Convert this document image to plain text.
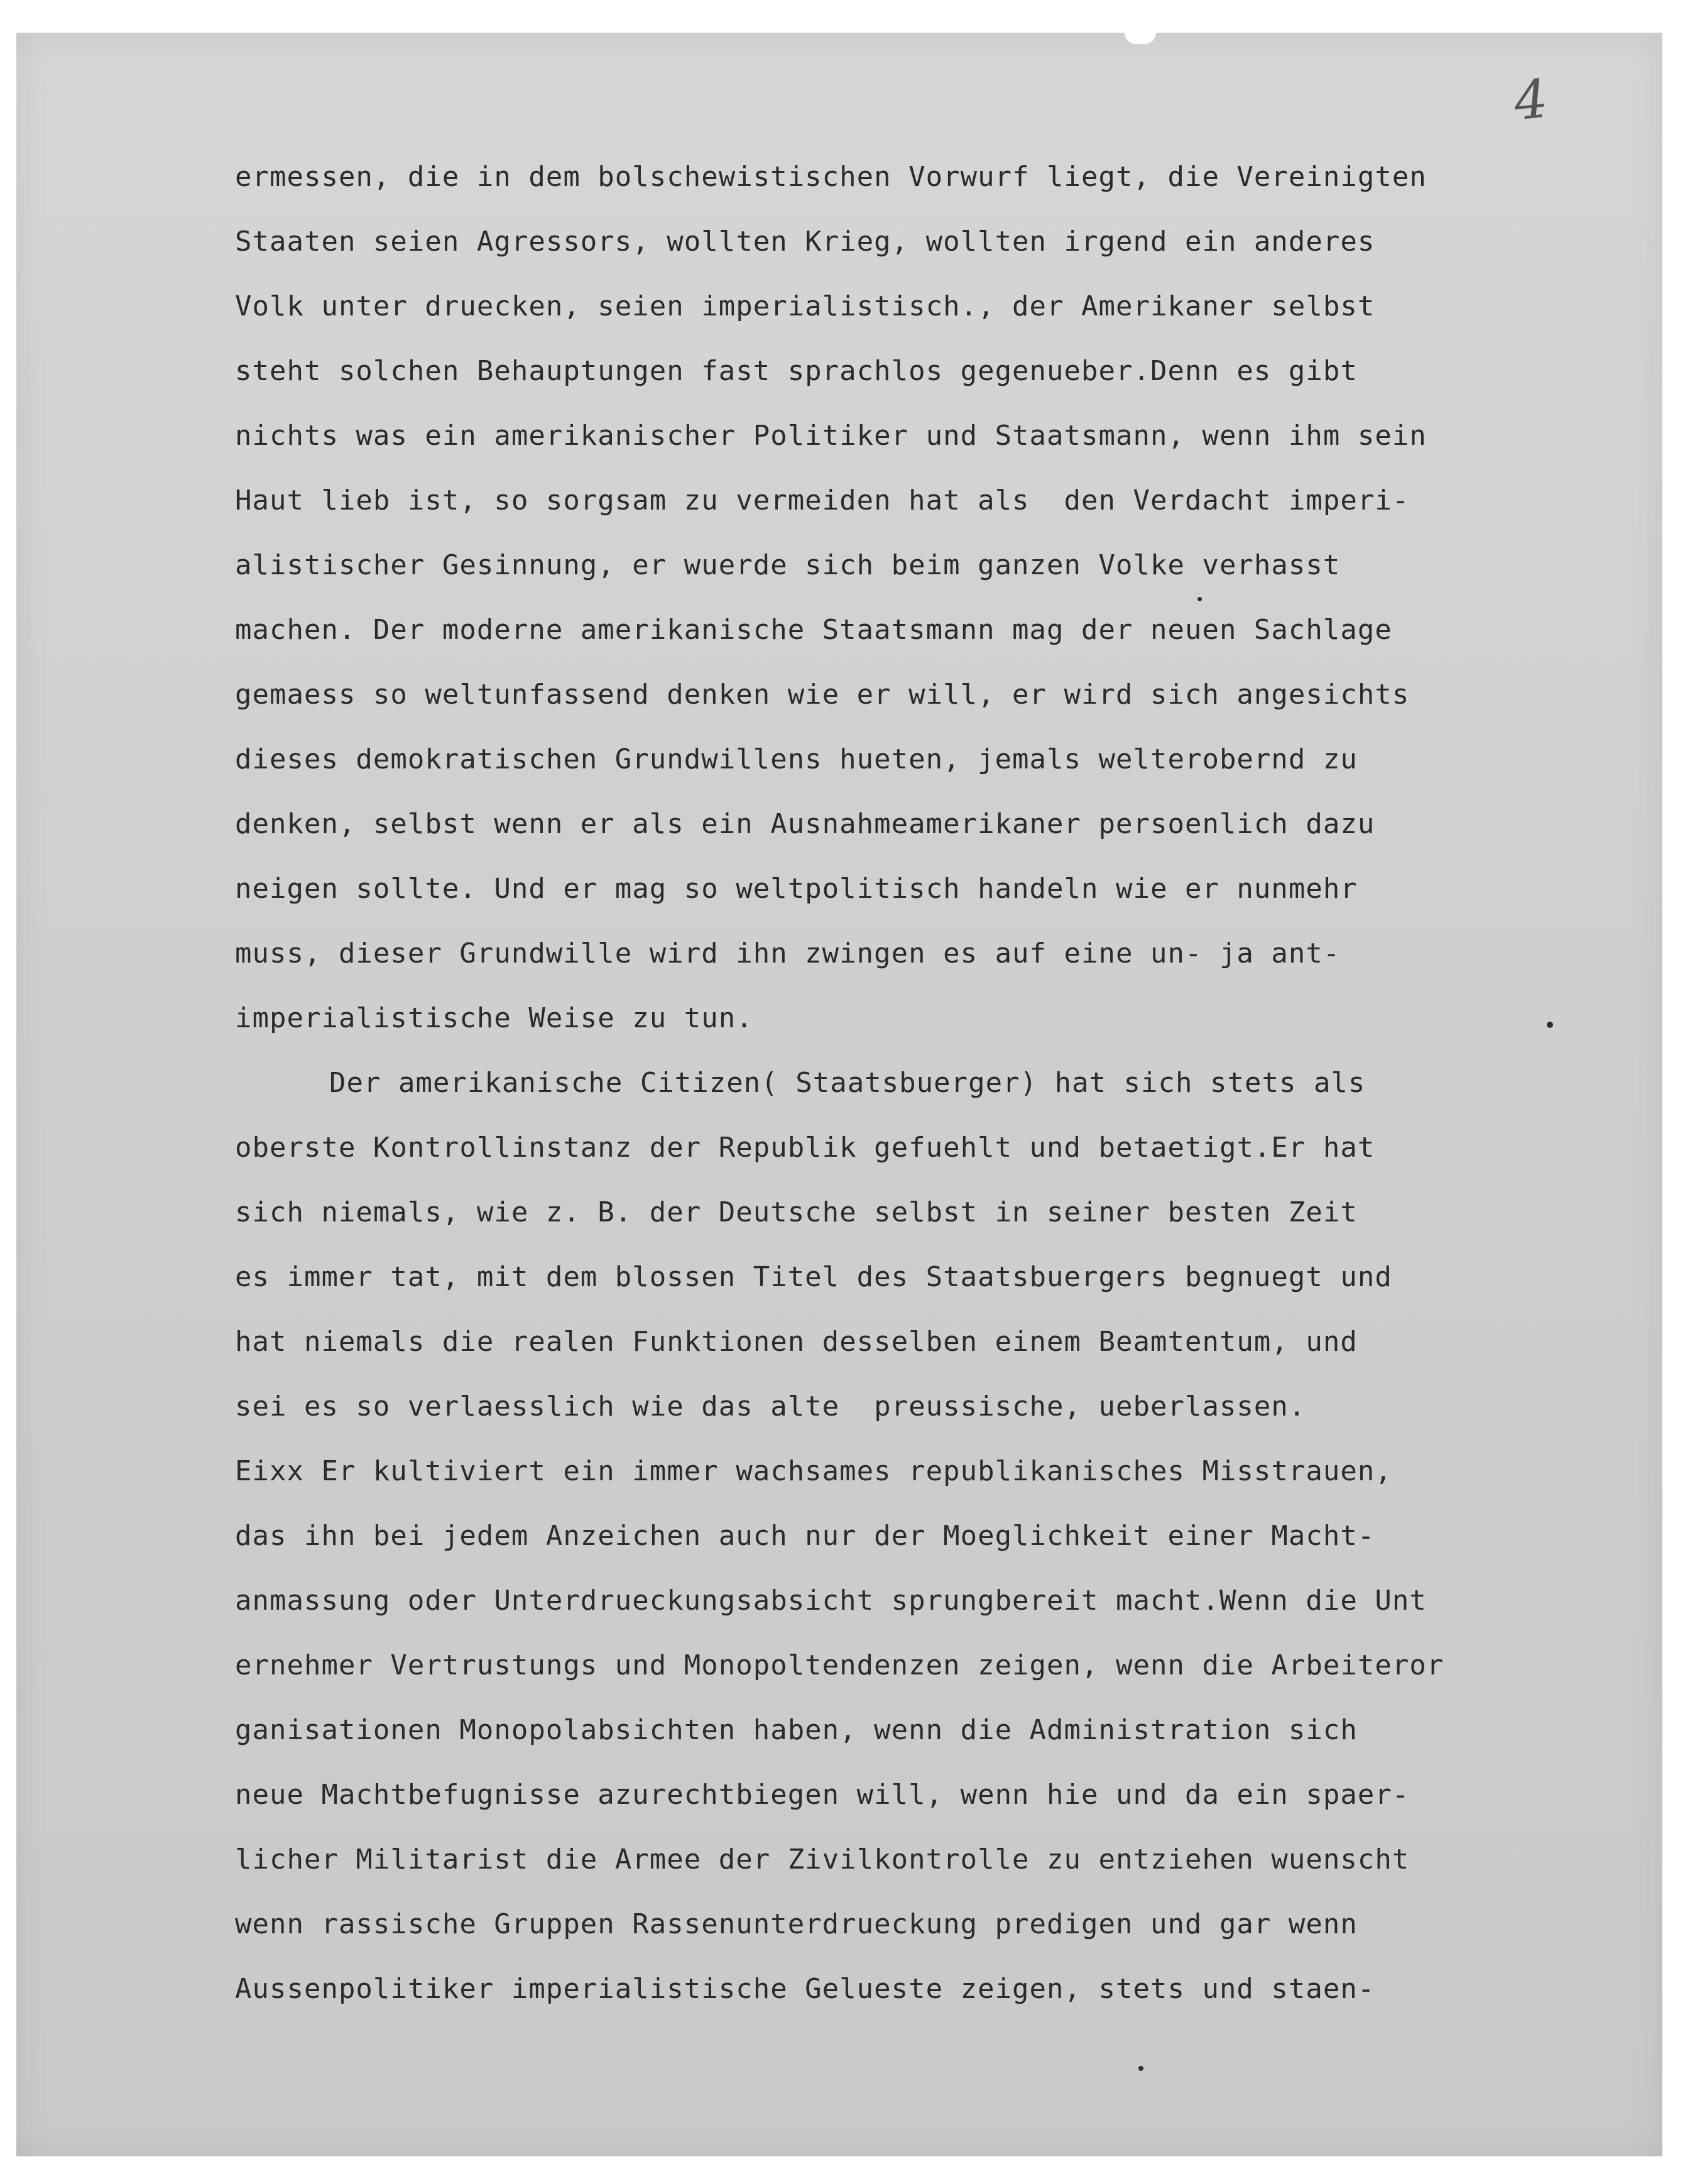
4
ermessen, die in dem bolschewistischen Vorwurf liegt, die Vereinigten
Staaten seien Agressors, wollten Krieg, wollten irgend ein anderes
Volk unter druecken, seien imperialistisch., der Amerikaner selbst
steht solchen Behauptungen fast sprachlos gegenueber.Denn es gibt
nichts was ein amerikanischer Politiker und Staatsmann, wenn ihm sein
Haut lieb ist, so sorgsam zu vermeiden hat als  den Verdacht imperi-
alistischer Gesinnung, er wuerde sich beim ganzen Volke verhasst
machen. Der moderne amerikanische Staatsmann mag der neuen Sachlage
gemaess so weltunfassend denken wie er will, er wird sich angesichts
dieses demokratischen Grundwillens hueten, jemals welterobernd zu
denken, selbst wenn er als ein Ausnahmeamerikaner persoenlich dazu
neigen sollte. Und er mag so weltpolitisch handeln wie er nunmehr
muss, dieser Grundwille wird ihn zwingen es auf eine un- ja ant-
imperialistische Weise zu tun.
Der amerikanische Citizen( Staatsbuerger) hat sich stets als
oberste Kontrollinstanz der Republik gefuehlt und betaetigt.Er hat
sich niemals, wie z. B. der Deutsche selbst in seiner besten Zeit
es immer tat, mit dem blossen Titel des Staatsbuergers begnuegt und
hat niemals die realen Funktionen desselben einem Beamtentum, und
sei es so verlaesslich wie das alte  preussische, ueberlassen.
Eixx Er kultiviert ein immer wachsames republikanisches Misstrauen,
das ihn bei jedem Anzeichen auch nur der Moeglichkeit einer Macht-
anmassung oder Unterdrueckungsabsicht sprungbereit macht.Wenn die Unt
ernehmer Vertrustungs und Monopoltendenzen zeigen, wenn die Arbeiteror
ganisationen Monopolabsichten haben, wenn die Administration sich
neue Machtbefugnisse azurechtbiegen will, wenn hie und da ein spaer-
licher Militarist die Armee der Zivilkontrolle zu entziehen wuenscht
wenn rassische Gruppen Rassenunterdrueckung predigen und gar wenn
Aussenpolitiker imperialistische Gelueste zeigen, stets und staen-
